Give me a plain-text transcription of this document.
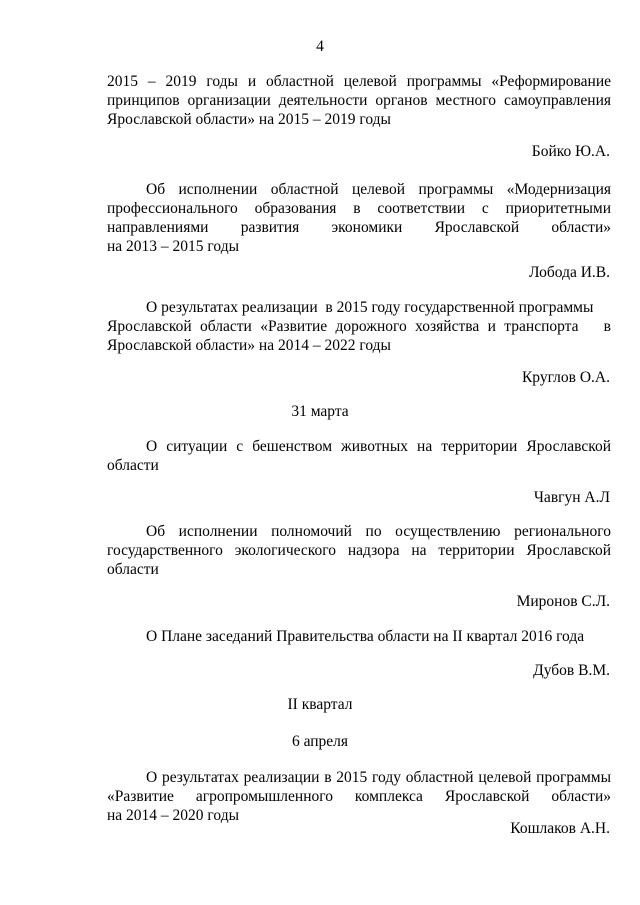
4
2015 – 2019 годы и областной целевой программы «Реформирование
принципов организации деятельности органов местного самоуправления
Ярославской области» на 2015 – 2019 годы
Бойко Ю.А.
Об исполнении областной целевой программы «Модернизация
профессионального образования в соответствии с приоритетными
направлениями развития экономики Ярославской области»
на 2013 – 2015 годы
Лобода И.В.
О результатах реализации  в 2015 году государственной программы
Ярославской области «Развитие дорожного хозяйства и транспорта   в
Ярославской области» на 2014 – 2022 годы
Круглов О.А.
31 марта
О ситуации с бешенством животных на территории Ярославской
области
Чавгун А.Л
Об исполнении полномочий по осуществлению регионального
государственного экологического надзора на территории Ярославской
области
Миронов С.Л.
О Плане заседаний Правительства области на II квартал 2016 года
Дубов В.М.
II квартал
6 апреля
О результатах реализации в 2015 году областной целевой программы
«Развитие агропромышленного комплекса Ярославской области»
на 2014 – 2020 годы
Кошлаков А.Н.
